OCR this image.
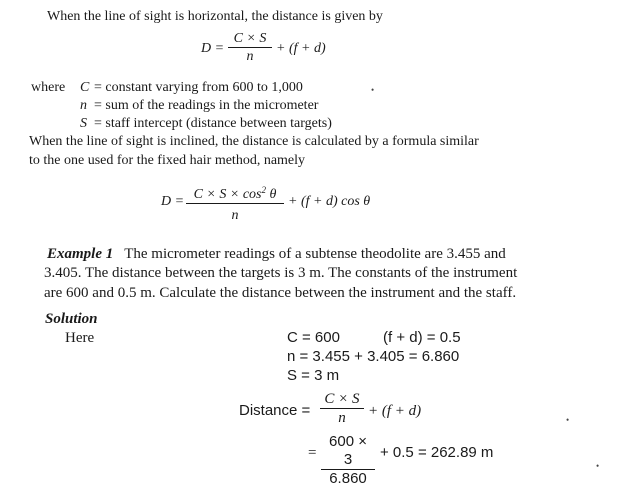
When the line of sight is horizontal, the distance is given by
D =
C × S
n
+ (f + d)
where C = constant varying from 600 to 1,000
n = sum of the readings in the micrometer
S = staff intercept (distance between targets)
When the line of sight is inclined, the distance is calculated by a formula similar
to the one used for the fixed hair method, namely
$D = C \times S \times \cos^2 \theta$
n
+ (f + d) cos θ
Example 1 The micrometer readings of a subtense theodolite are 3.455 and
3.405. The distance between the targets is 3 m. The constants of the instrument
are 600 and 0.5 m. Calculate the distance between the instrument and the staff.
Solution
Here	C = 600	(f + d) = 0.5
n = 3.455 + 3.405 = 6.860
S = 3 m
Distance =
C × S
n	+ (f + d)
=
600 × 3
6.860
+ 0.5 = 262.89 m
•
•
•
